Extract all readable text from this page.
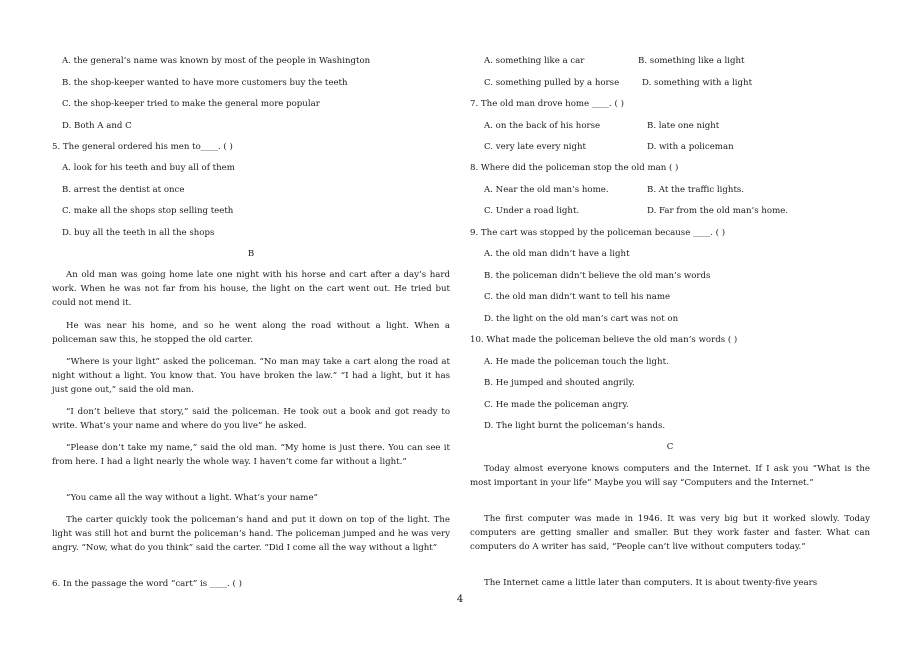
A. the general’s name was known by most of the people in Washington
B. the shop-keeper wanted to have more customers buy the teeth
C. the shop-keeper tried to make the general more popular
D. Both A and C
5. The general ordered his men to____. ( )
A. look for his teeth and buy all of them
B. arrest the dentist at once
C. make all the shops stop selling teeth
D. buy all the teeth in all the shops
B
An old man was going home late one night with his horse and cart after a day’s hard work. When he was not far from his house, the light on the cart went out. He tried but could not mend it.
He was near his home, and so he went along the road without a light. When a policeman saw this, he stopped the old carter.
“Where is your light” asked the policeman. “No man may take a cart along the road at night without a light. You know that. You have broken the law.” “I had a light, but it has just gone out,” said the old man.
“I don’t believe that story,” said the policeman. He took out a book and got ready to write. What’s your name and where do you live” he asked.
“Please don’t take my name,” said the old man. “My home is just there. You can see it from here. I had a light nearly the whole way. I haven’t come far without a light.”
“You came all the way without a light. What’s your name”
The carter quickly took the policeman’s hand and put it down on top of the light. The light was still hot and burnt the policeman’s hand. The policeman jumped and he was very angry. “Now, what do you think” said the carter. “Did I come all the way without a light”
6. In the passage the word “cart” is ____. ( )
A. something like a car	B. something like a light
C. something pulled by a horse	D. something with a light
7. The old man drove home ____. ( )
A. on the back of his horse	B. late one night
C. very late every night	D. with a policeman
8. Where did the policeman stop the old man ( )
A. Near the old man’s home.	B. At the traffic lights.
C. Under a road light.	D. Far from the old man’s home.
9. The cart was stopped by the policeman because ____. ( )
A. the old man didn’t have a light
B. the policeman didn’t believe the old man’s words
C. the old man didn’t want to tell his name
D. the light on the old man’s cart was not on
10. What made the policeman believe the old man’s words ( )
A. He made the policeman touch the light.
B. He jumped and shouted angrily.
C. He made the policeman angry.
D. The light burnt the policeman’s hands.
C
Today almost everyone knows computers and the Internet. If I ask you “What is the most important in your life” Maybe you will say “Computers and the Internet.”
The first computer was made in 1946. It was very big but it worked slowly. Today computers are getting smaller and smaller. But they work faster and faster. What can computers do A writer has said, “People can’t live without computers today.”
The Internet came a little later than computers. It is about twenty-five years
4
